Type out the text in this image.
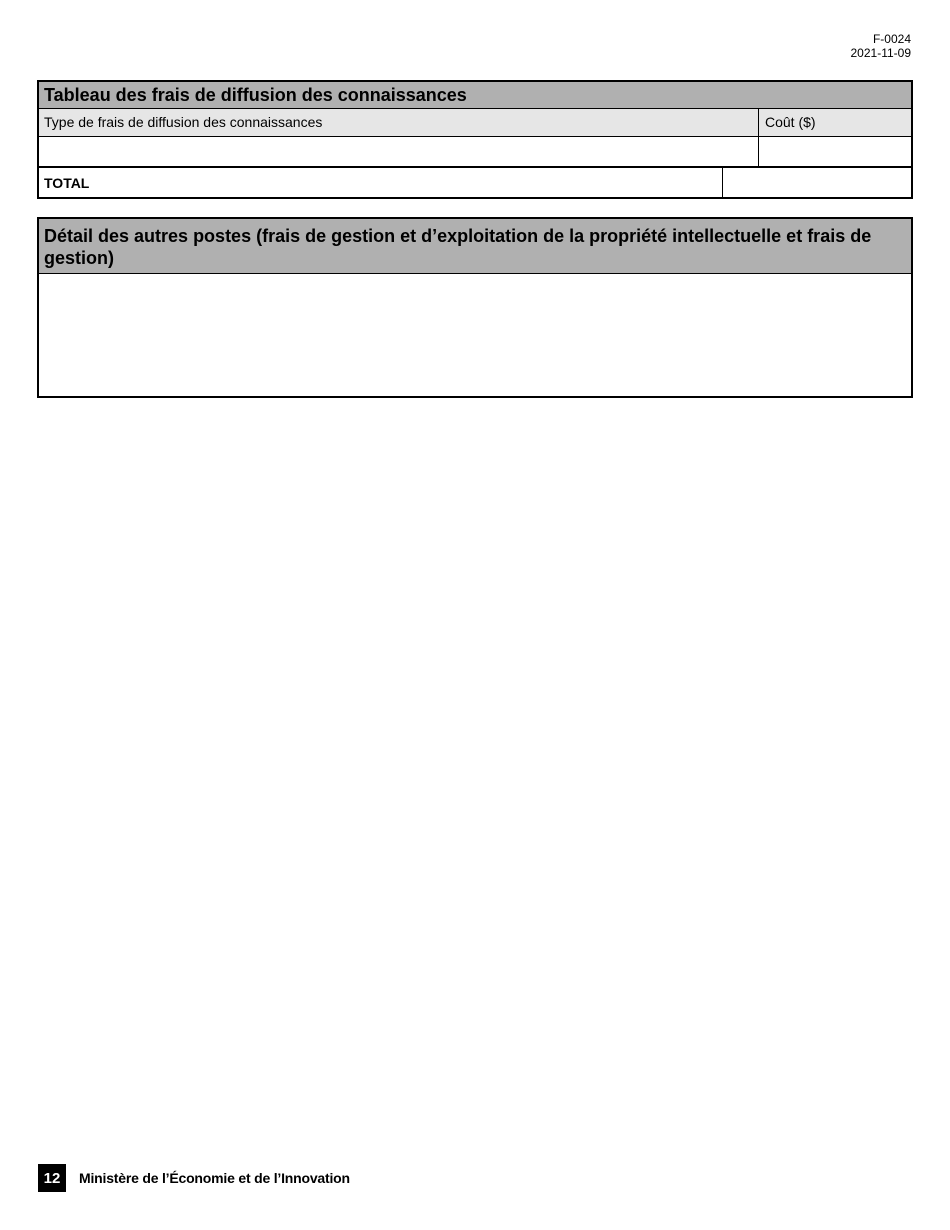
F-0024
2021-11-09
Tableau des frais de diffusion des connaissances
Type de frais de diffusion des connaissances	Coût ($)
TOTAL
Détail des autres postes (frais de gestion et d’exploitation de la propriété intellectuelle et frais de gestion)
12	Ministère de l’Économie et de l’Innovation
